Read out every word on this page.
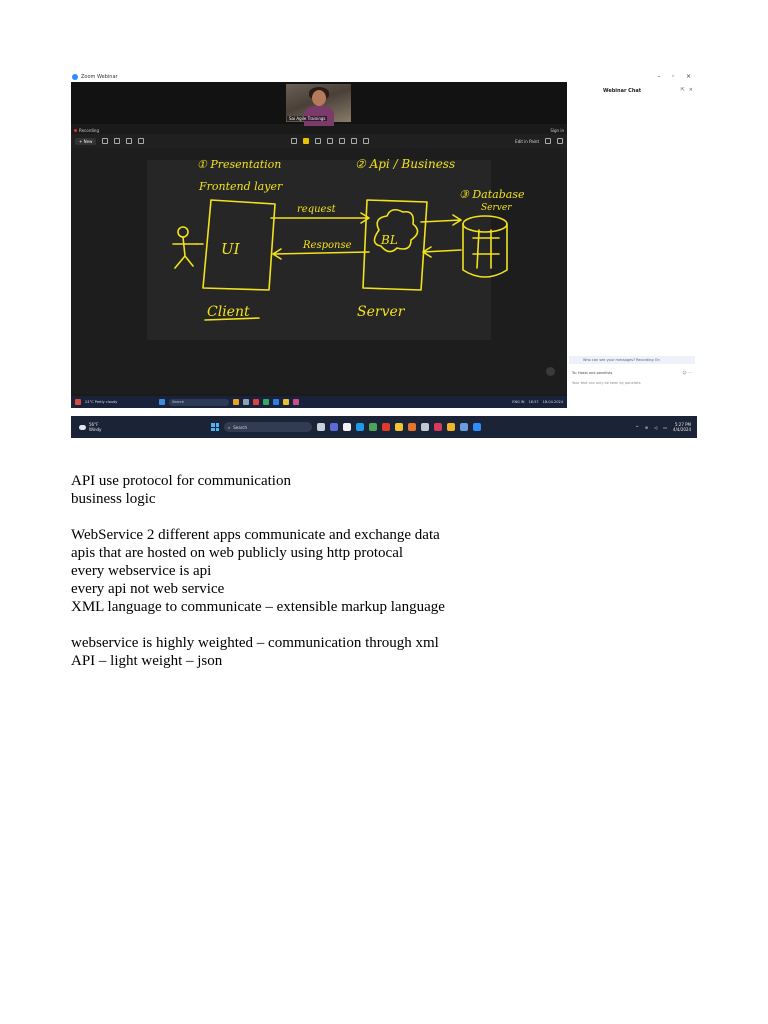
Zoom Webinar
Sai Agile Trainings
Recording	Sign in
+ New	Edit in Paint
① Presentation
Frontend layer
② Api / Business
③ Database
Server
request
Response
UI	BL
Client	Server
24°C Partly cloudy	Search	ENG IN 18:57 18-04-2024
– ◦ ×
Webinar Chat	⇱ ×
Who can see your messages? Recording On
To: Hosts and panelists	☺ ⋯
Your text can only be seen by panelists
56°F
Windy	⌕ Search	^ ≋ ◁ ▭	5:27 PM
4/4/2024

API use protocol for communication

business logic

WebService 2 different apps communicate and exchange data

apis that are hosted on web publicly using http protocal

every webservice is api

every api not web service

XML language to communicate – extensible markup language

webservice is highly weighted – communication through xml

API – light weight – json
